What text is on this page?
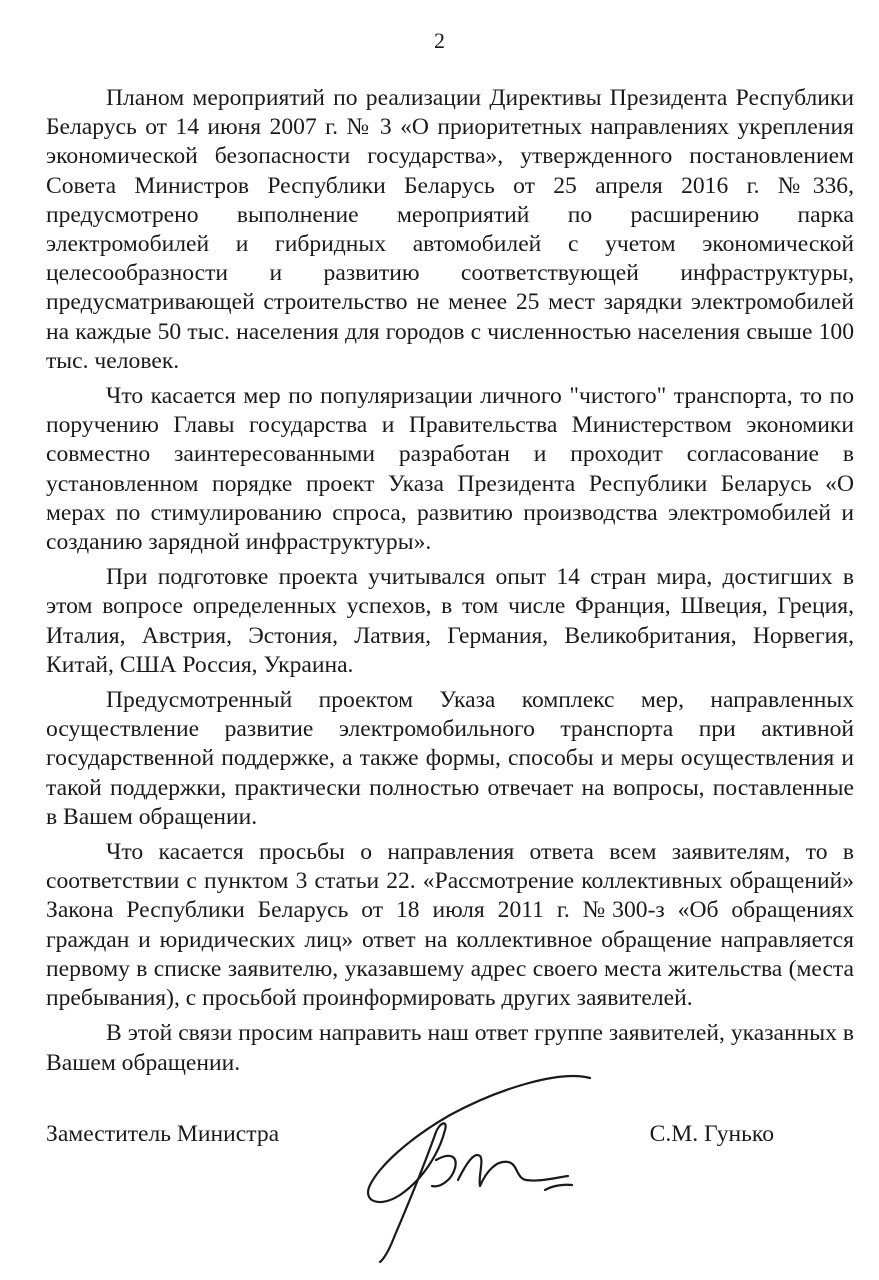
2

Планом мероприятий по реализации Директивы Президента Республики Беларусь от 14 июня 2007 г. № 3 «О приоритетных направлениях укрепления экономической безопасности государства», утвержденного постановлением Совета Министров Республики Беларусь от 25 апреля 2016 г. №336, предусмотрено выполнение мероприятий по расширению парка электромобилей и гибридных автомобилей с учетом экономической целесообразности и развитию соответствующей инфраструктуры, предусматривающей строительство не менее 25 мест зарядки электромобилей на каждые 50 тыс. населения для городов с численностью населения свыше 100 тыс. человек.

Что касается мер по популяризации личного "чистого" транспорта, то по поручению Главы государства и Правительства Министерством экономики совместно заинтересованными разработан и проходит согласование в установленном порядке проект Указа Президента Республики Беларусь «О мерах по стимулированию спроса, развитию производства электромобилей и созданию зарядной инфраструктуры».

При подготовке проекта учитывался опыт 14 стран мира, достигших в этом вопросе определенных успехов, в том числе Франция, Швеция, Греция, Италия, Австрия, Эстония, Латвия, Германия, Великобритания, Норвегия, Китай, США Россия, Украина.

Предусмотренный проектом Указа комплекс мер, направленных осуществление развитие электромобильного транспорта при активной государственной поддержке, а также формы, способы и меры осуществления и такой поддержки, практически полностью отвечает на вопросы, поставленные в Вашем обращении.

Что касается просьбы о направления ответа всем заявителям, то в соответствии с пунктом 3 статьи 22. «Рассмотрение коллективных обращений» Закона Республики Беларусь от 18 июля 2011 г. №300-з «Об обращениях граждан и юридических лиц» ответ на коллективное обращение направляется первому в списке заявителю, указавшему адрес своего места жительства (места пребывания), с просьбой проинформировать других заявителей.

В этой связи просим направить наш ответ группе заявителей, указанных в Вашем обращении.

Заместитель Министра	С.М. Гунько
